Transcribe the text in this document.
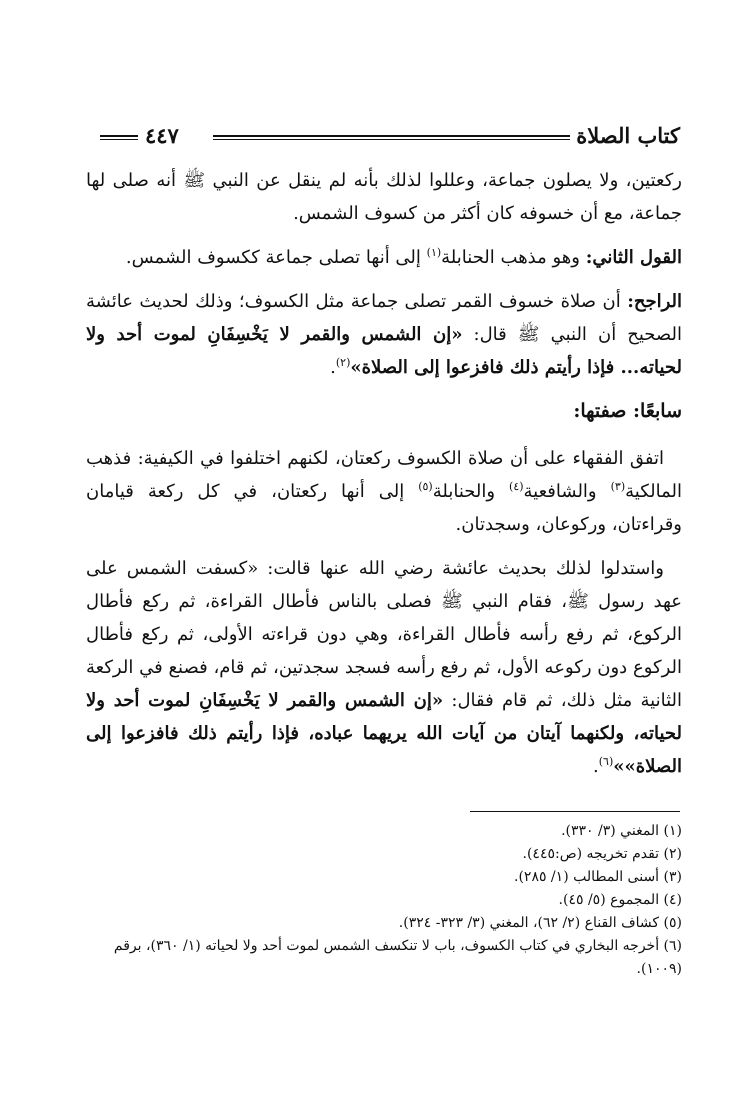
كتاب الصلاة
٤٤٧

ركعتين، ولا يصلون جماعة، وعللوا لذلك بأنه لم ينقل عن النبي ﷺ أنه صلى لها جماعة، مع أن خسوفه كان أكثر من كسوف الشمس.

القول الثاني: وهو مذهب الحنابلة$^{(١)}$ إلى أنها تصلى جماعة ككسوف الشمس.

الراجح: أن صلاة خسوف القمر تصلى جماعة مثل الكسوف؛ وذلك لحديث عائشة الصحيح أن النبي ﷺ قال: «إن الشمس والقمر لا يَخْسِفَانِ لموت أحد ولا لحياته... فإذا رأيتم ذلك فافزعوا إلى الصلاة»$^{(٢)}$.

سابعًا: صفتها:

اتفق الفقهاء على أن صلاة الكسوف ركعتان، لكنهم اختلفوا في الكيفية: فذهب المالكية$^{(٣)}$ والشافعية$^{(٤)}$ والحنابلة$^{(٥)}$ إلى أنها ركعتان، في كل ركعة قيامان وقراءتان، وركوعان، وسجدتان.

واستدلوا لذلك بحديث عائشة رضي الله عنها قالت: «كسفت الشمس على عهد رسول ﷺ، فقام النبي ﷺ فصلى بالناس فأطال القراءة، ثم ركع فأطال الركوع، ثم رفع رأسه فأطال القراءة، وهي دون قراءته الأولى، ثم ركع فأطال الركوع دون ركوعه الأول، ثم رفع رأسه فسجد سجدتين، ثم قام، فصنع في الركعة الثانية مثل ذلك، ثم قام فقال: «إن الشمس والقمر لا يَخْسِفَانِ لموت أحد ولا لحياته، ولكنهما آيتان من آيات الله يريهما عباده، فإذا رأيتم ذلك فافزعوا إلى الصلاة»»$^{(٦)}$.

(١) المغني (٣/ ٣٣٠).

(٢) تقدم تخريجه (ص:٤٤٥).

(٣) أسنى المطالب (١/ ٢٨٥).

(٤) المجموع (٥/ ٤٥).

(٥) كشاف القناع (٢/ ٦٢)، المغني (٣/ ٣٢٣- ٣٢٤).

(٦) أخرجه البخاري في كتاب الكسوف، باب لا تنكسف الشمس لموت أحد ولا لحياته (١/ ٣٦٠)، برقم (١٠٠٩).
